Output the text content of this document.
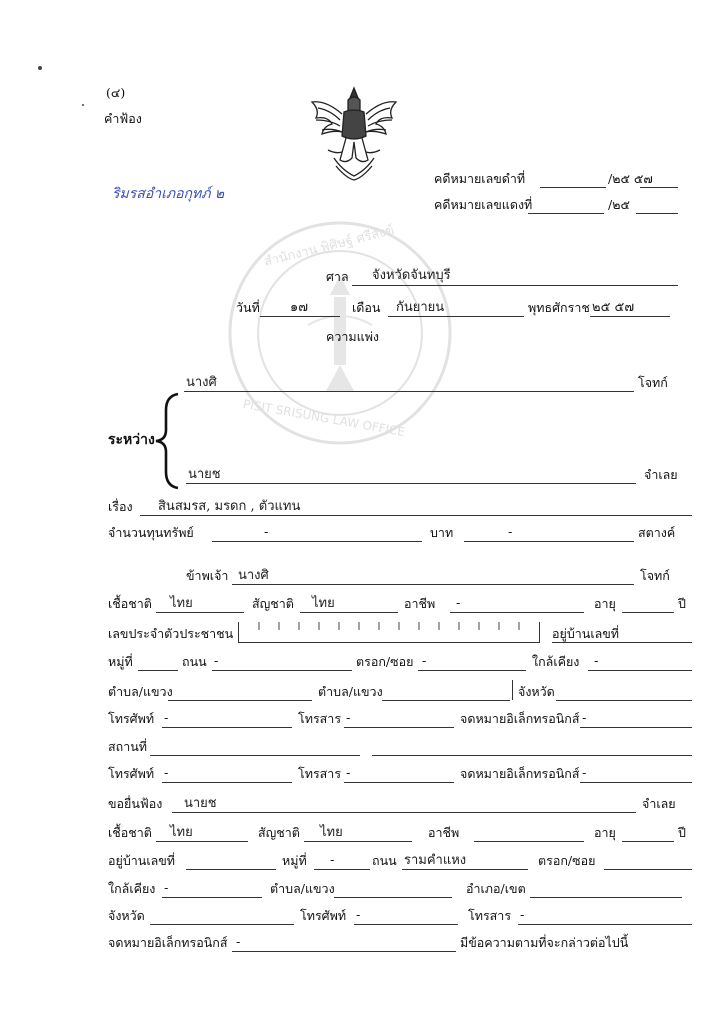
(๔)
คำฟ้อง
ริมรสอำเภอกุทภ์ ๒
คดีหมายเลขดำที่	/๒๕ ๕๗
คดีหมายเลขแดงที่	/๒๕
สำนักงาน พิศิษฐ์ ศรีสังข์
PISIT SRISUNG LAW OFFICE
ศาล จังหวัดจันทบุรี
วันที่ ๑๗	เดือน กันยายน	พุทธศักราช ๒๕ ๕๗
ความแพ่ง
นางศิ	โจทก์
ระหว่าง
นายช	จำเลย
เรื่อง สินสมรส, มรดก , ตัวแทน
จำนวนทุนทรัพย์	-	บาท	-	สตางค์
ข้าพเจ้า นางศิ	โจทก์
เชื้อชาติ ไทย	สัญชาติ ไทย	อาชีพ -	อายุ	ปี
เลขประจำตัวประชาชน	อยู่บ้านเลขที่
หมู่ที่	ถนน -	ตรอก/ซอย -	ใกล้เคียง -
ตำบล/แขวง	ตำบล/แขวง	จังหวัด
โทรศัพท์ -	โทรสาร -	จดหมายอิเล็กทรอนิกส์ -
สถานที่
โทรศัพท์ -	โทรสาร -	จดหมายอิเล็กทรอนิกส์ -
ขอยื่นฟ้อง นายช	จำเลย
เชื้อชาติ ไทย	สัญชาติ ไทย	อาชีพ	อายุ	ปี
อยู่บ้านเลขที่	หมู่ที่ -	ถนน รามคำแหง	ตรอก/ซอย
ใกล้เคียง -	ตำบล/แขวง	อำเภอ/เขต
จังหวัด	โทรศัพท์ -	โทรสาร -
จดหมายอิเล็กทรอนิกส์ -	มีข้อความตามที่จะกล่าวต่อไปนี้
